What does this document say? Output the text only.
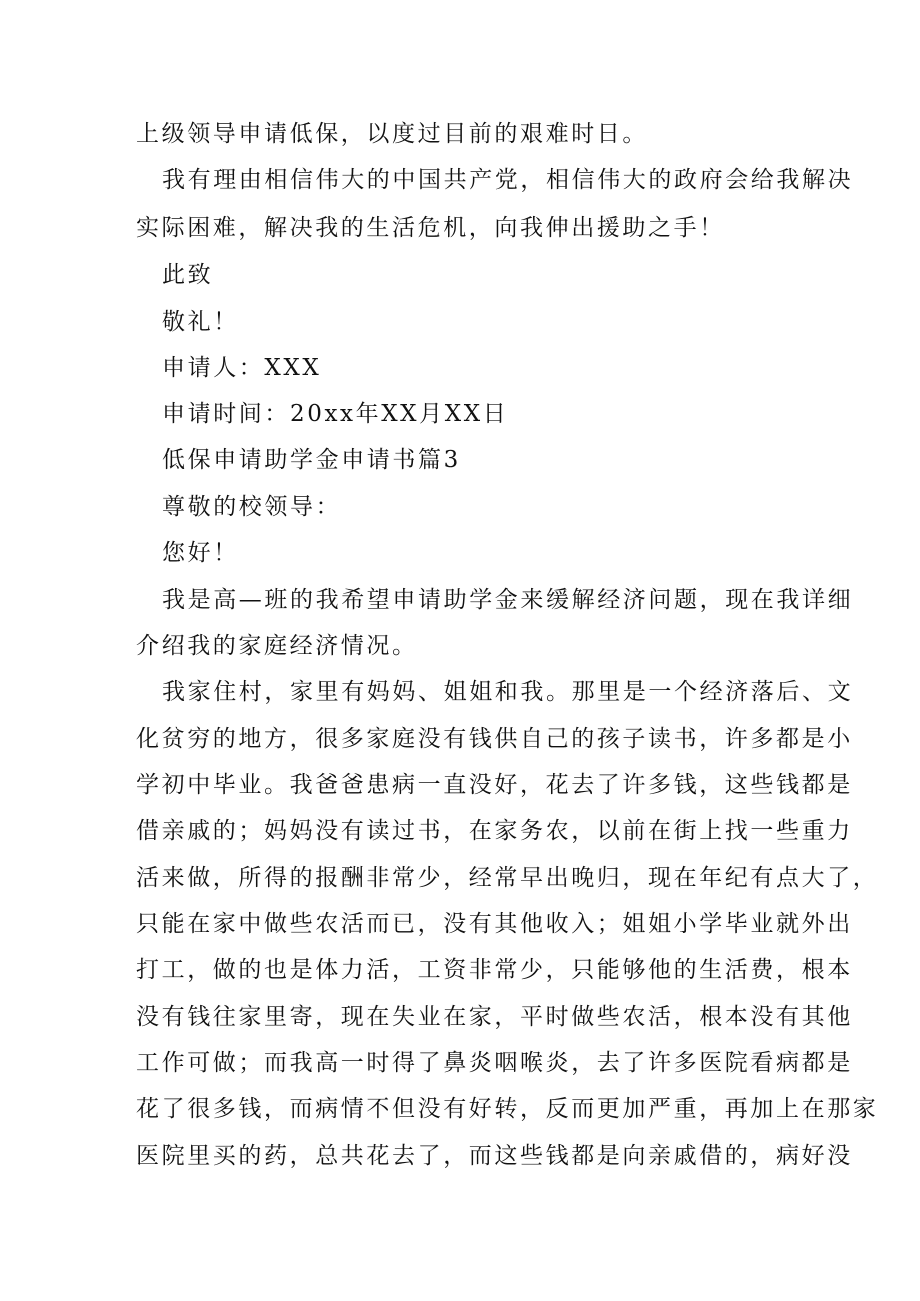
上级领导申请低保，以度过目前的艰难时日。
我有理由相信伟大的中国共产党，相信伟大的政府会给我解决
实际困难，解决我的生活危机，向我伸出援助之手！
此致
敬礼！
申请人：XXX
申请时间：20xx年XX月XX日
低保申请助学金申请书篇3
尊敬的校领导：
您好！
我是高—班的我希望申请助学金来缓解经济问题，现在我详细
介绍我的家庭经济情况。
我家住村，家里有妈妈、姐姐和我。那里是一个经济落后、文
化贫穷的地方，很多家庭没有钱供自己的孩子读书，许多都是小
学初中毕业。我爸爸患病一直没好，花去了许多钱，这些钱都是
借亲戚的；妈妈没有读过书，在家务农，以前在街上找一些重力
活来做，所得的报酬非常少，经常早出晚归，现在年纪有点大了，
只能在家中做些农活而已，没有其他收入；姐姐小学毕业就外出
打工，做的也是体力活，工资非常少，只能够他的生活费，根本
没有钱往家里寄，现在失业在家，平时做些农活，根本没有其他
工作可做；而我高一时得了鼻炎咽喉炎，去了许多医院看病都是
花了很多钱，而病情不但没有好转，反而更加严重，再加上在那家
医院里买的药，总共花去了，而这些钱都是向亲戚借的，病好没
